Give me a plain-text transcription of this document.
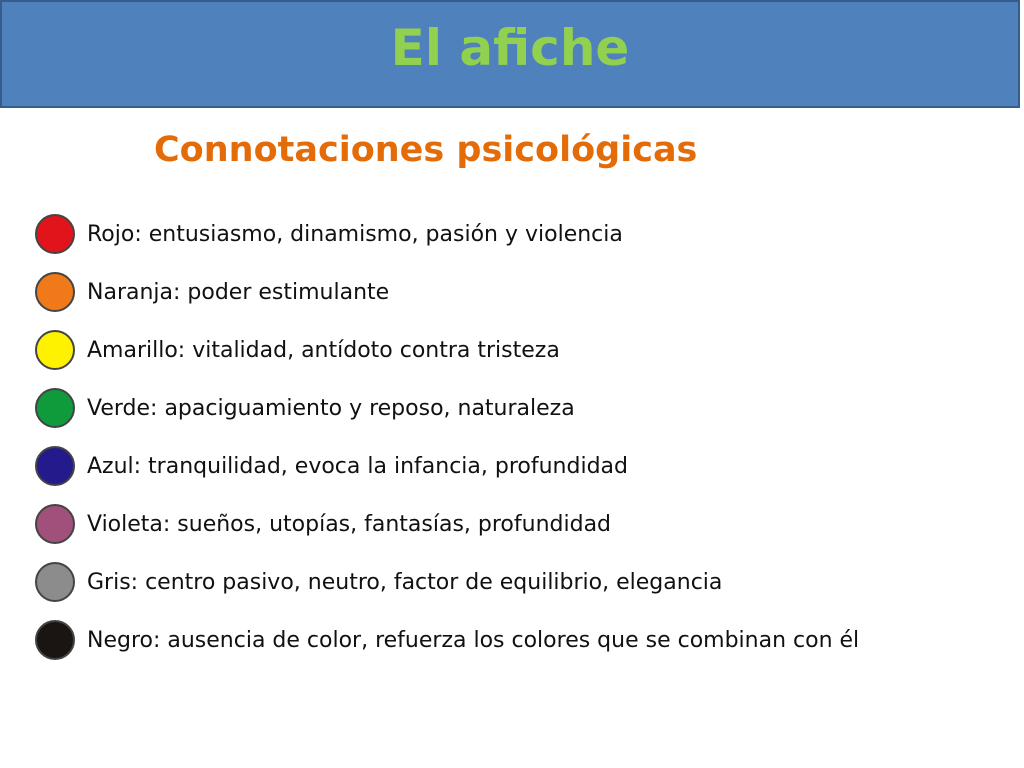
El afiche
Connotaciones psicológicas
Rojo: entusiasmo, dinamismo, pasión y violencia
Naranja: poder estimulante
Amarillo: vitalidad, antídoto contra tristeza
Verde: apaciguamiento y reposo, naturaleza
Azul: tranquilidad, evoca la infancia, profundidad
Violeta: sueños, utopías, fantasías, profundidad
Gris: centro pasivo, neutro, factor de equilibrio, elegancia
Negro: ausencia de color, refuerza los colores que se combinan con él
